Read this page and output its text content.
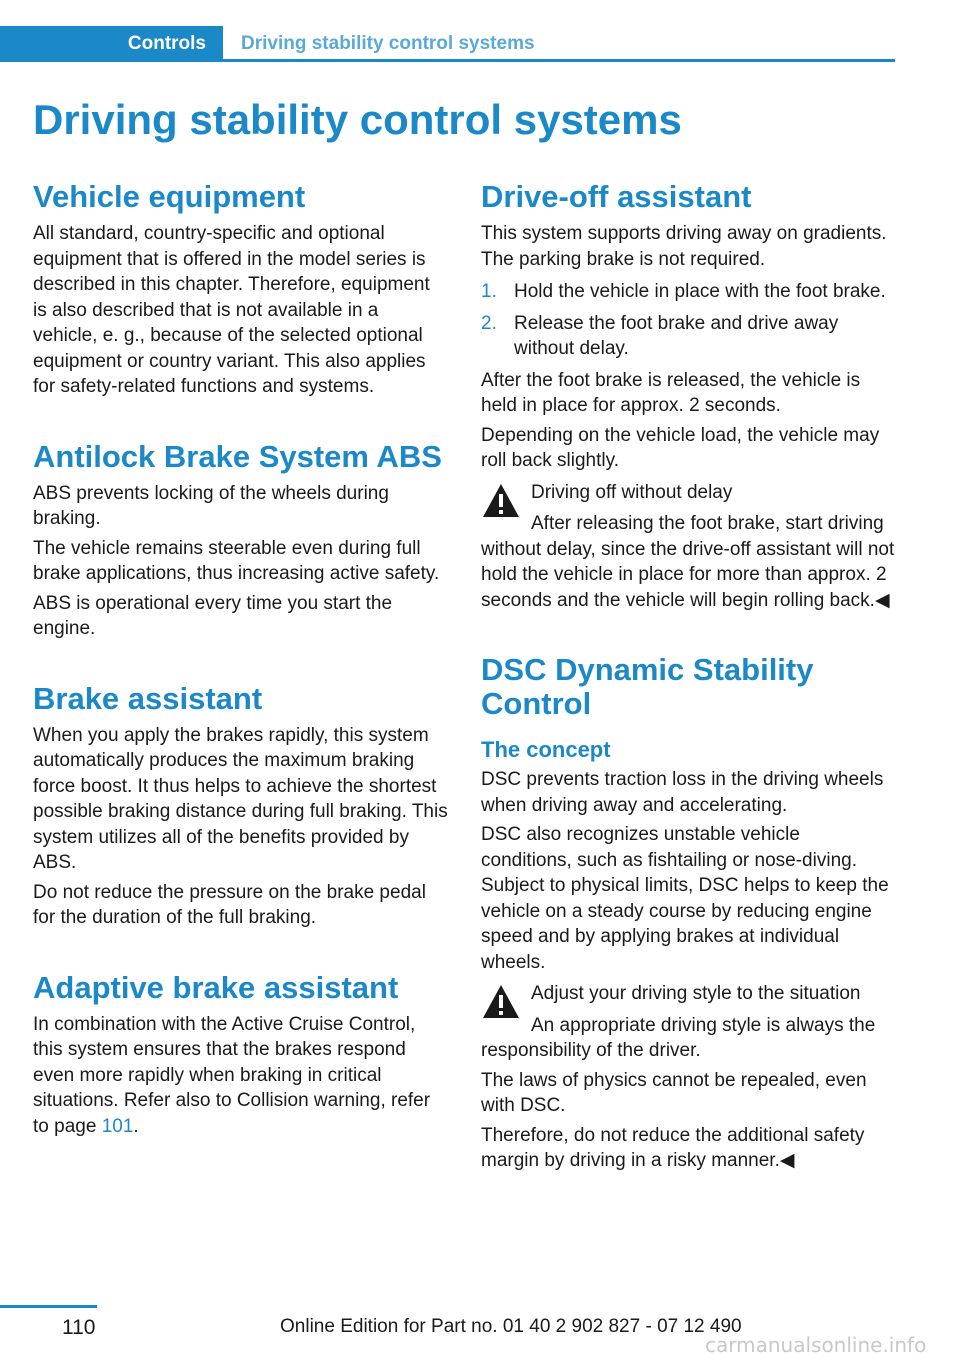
Controls	Driving stability control systems
Driving stability control systems
Vehicle equipment

All standard, country-specific and optional equipment that is offered in the model series is described in this chapter. Therefore, equipment is also described that is not available in a vehicle, e. g., because of the selected optional equipment or country variant. This also applies for safety-related functions and systems.

Antilock Brake System ABS

ABS prevents locking of the wheels during braking.

The vehicle remains steerable even during full brake applications, thus increasing active safety.

ABS is operational every time you start the engine.

Brake assistant

When you apply the brakes rapidly, this system automatically produces the maximum braking force boost. It thus helps to achieve the shortest possible braking distance during full braking. This system utilizes all of the benefits provided by ABS.

Do not reduce the pressure on the brake pedal for the duration of the full braking.

Adaptive brake assistant

In combination with the Active Cruise Control, this system ensures that the brakes respond even more rapidly when braking in critical situations. Refer also to Collision warning, refer to page 101.

Drive-off assistant

This system supports driving away on gradients. The parking brake is not required.

1. Hold the vehicle in place with the foot brake.
2. Release the foot brake and drive away without delay.

After the foot brake is released, the vehicle is held in place for approx. 2 seconds.

Depending on the vehicle load, the vehicle may roll back slightly.

Driving off without delay
After releasing the foot brake, start driving without delay, since the drive-off assistant will not hold the vehicle in place for more than approx. 2 seconds and the vehicle will begin rolling back.◀
DSC Dynamic Stability Control
The concept

DSC prevents traction loss in the driving wheels when driving away and accelerating.

DSC also recognizes unstable vehicle conditions, such as fishtailing or nose-diving. Subject to physical limits, DSC helps to keep the vehicle on a steady course by reducing engine speed and by applying brakes at individual wheels.

Adjust your driving style to the situation
An appropriate driving style is always the responsibility of the driver.

The laws of physics cannot be repealed, even with DSC.

Therefore, do not reduce the additional safety margin by driving in a risky manner.◀

110	Online Edition for Part no. 01 40 2 902 827 - 07 12 490
carmanualsonline.info
